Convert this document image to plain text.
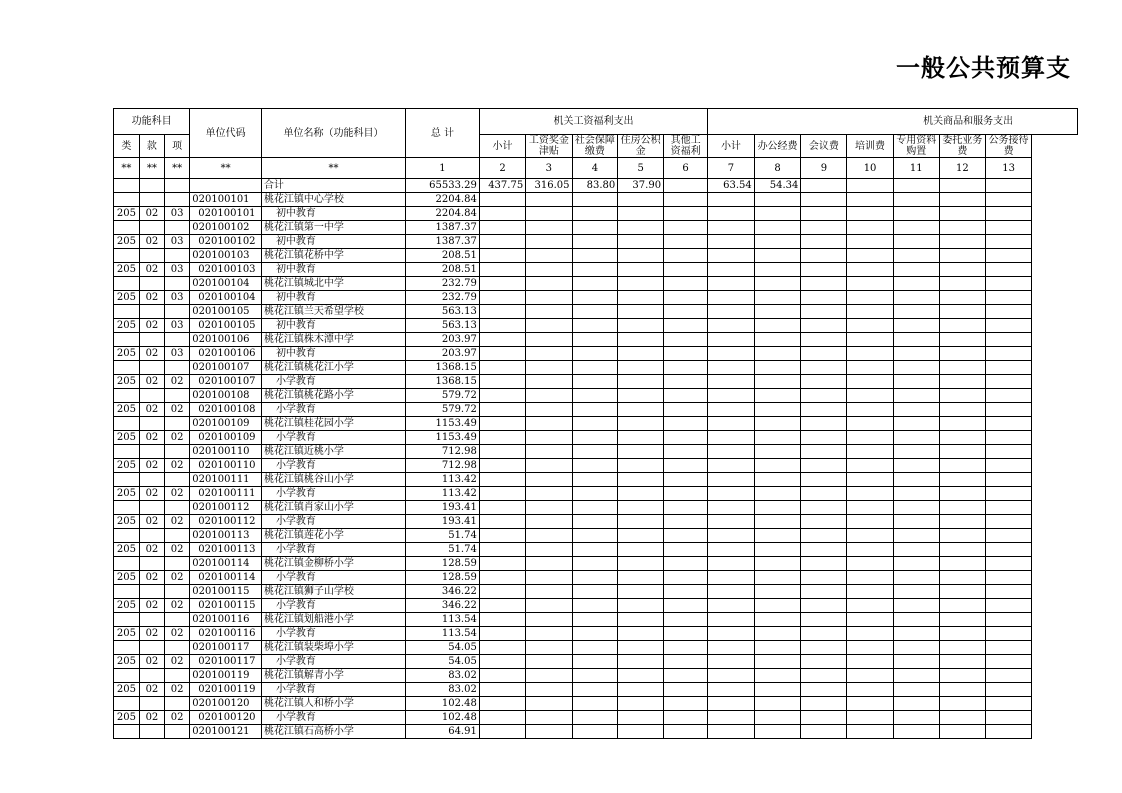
一般公共预算支
功能科目			单位代码	单位名称（功能科目）	总 计	机关工资福利支出					机关商品和服务支出						
类	款	项				小计	工资奖金津贴	社会保障缴费	住房公积金	其他工资福利	小计	办公经费	会议费	培训费	专用资料购置	委托业务费	公务接待费
**	**	**	**	**	1	2	3	4	5	6	7	8	9	10	11	12	13
				合计	65533.29	437.75	316.05	83.80	37.90		63.54	54.34					
			020100101	桃花江镇中心学校	2204.84												
205	02	03	020100101	初中教育	2204.84												
			020100102	桃花江镇第一中学	1387.37												
205	02	03	020100102	初中教育	1387.37												
			020100103	桃花江镇花桥中学	208.51												
205	02	03	020100103	初中教育	208.51												
			020100104	桃花江镇城北中学	232.79												
205	02	03	020100104	初中教育	232.79												
			020100105	桃花江镇兰天希望学校	563.13												
205	02	03	020100105	初中教育	563.13												
			020100106	桃花江镇株木潭中学	203.97												
205	02	03	020100106	初中教育	203.97												
			020100107	桃花江镇桃花江小学	1368.15												
205	02	02	020100107	小学教育	1368.15												
			020100108	桃花江镇桃花路小学	579.72												
205	02	02	020100108	小学教育	579.72												
			020100109	桃花江镇桂花园小学	1153.49												
205	02	02	020100109	小学教育	1153.49												
			020100110	桃花江镇近桃小学	712.98												
205	02	02	020100110	小学教育	712.98												
			020100111	桃花江镇桃谷山小学	113.42												
205	02	02	020100111	小学教育	113.42												
			020100112	桃花江镇肖家山小学	193.41												
205	02	02	020100112	小学教育	193.41												
			020100113	桃花江镇莲花小学	51.74												
205	02	02	020100113	小学教育	51.74												
			020100114	桃花江镇金柳桥小学	128.59												
205	02	02	020100114	小学教育	128.59												
			020100115	桃花江镇狮子山学校	346.22												
205	02	02	020100115	小学教育	346.22												
			020100116	桃花江镇划船港小学	113.54												
205	02	02	020100116	小学教育	113.54												
			020100117	桃花江镇装柴埠小学	54.05												
205	02	02	020100117	小学教育	54.05												
			020100119	桃花江镇解青小学	83.02												
205	02	02	020100119	小学教育	83.02												
			020100120	桃花江镇人和桥小学	102.48												
205	02	02	020100120	小学教育	102.48												
			020100121	桃花江镇石高桥小学	64.91												
